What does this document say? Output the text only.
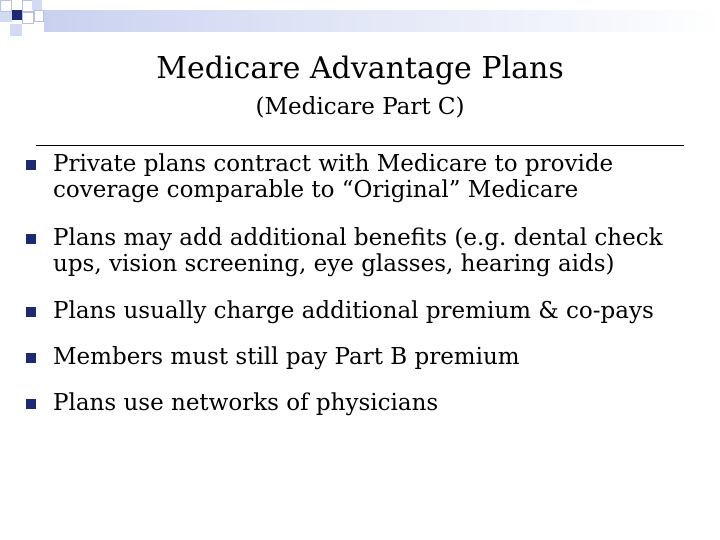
Medicare Advantage Plans
(Medicare Part C)
Private plans contract with Medicare to provide coverage comparable to “Original” Medicare
Plans may add additional benefits (e.g. dental check ups, vision screening, eye glasses, hearing aids)
Plans usually charge additional premium & co-pays
Members must still pay Part B premium
Plans use networks of physicians
